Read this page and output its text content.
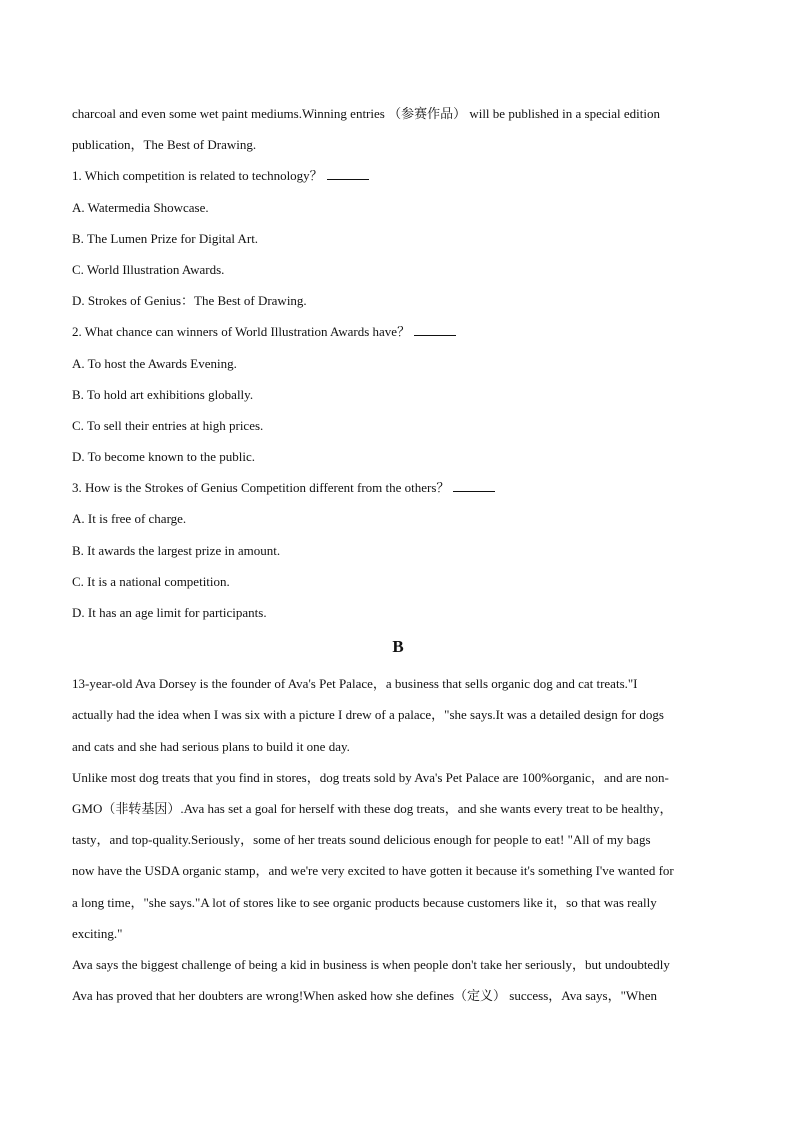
charcoal and even some wet paint mediums.Winning entries （参赛作品） will be published in a special edition
publication，The Best of Drawing.
1. Which competition is related to technology？
A. Watermedia Showcase.
B. The Lumen Prize for Digital Art.
C. World Illustration Awards.
D. Strokes of Genius：The Best of Drawing.
2. What chance can winners of World Illustration Awards have？
A. To host the Awards Evening.
B. To hold art exhibitions globally.
C. To sell their entries at high prices.
D. To become known to the public.
3. How is the Strokes of Genius Competition different from the others？
A. It is free of charge.
B. It awards the largest prize in amount.
C. It is a national competition.
D. It has an age limit for participants.
B
13-year-old Ava Dorsey is the founder of Ava's Pet Palace，a business that sells organic dog and cat treats."I
actually had the idea when I was six with a picture I drew of a palace，"she says.It was a detailed design for dogs
and cats and she had serious plans to build it one day.
Unlike most dog treats that you find in stores，dog treats sold by Ava's Pet Palace are 100%organic，and are non-
GMO（非转基因）.Ava has set a goal for herself with these dog treats，and she wants every treat to be healthy，
tasty，and top-quality.Seriously，some of her treats sound delicious enough for people to eat! "All of my bags
now have the USDA organic stamp，and we're very excited to have gotten it because it's something I've wanted for
a long time，"she says."A lot of stores like to see organic products because customers like it，so that was really
exciting."
Ava says the biggest challenge of being a kid in business is when people don't take her seriously，but undoubtedly
Ava has proved that her doubters are wrong!When asked how she defines（定义） success，Ava says，"When
